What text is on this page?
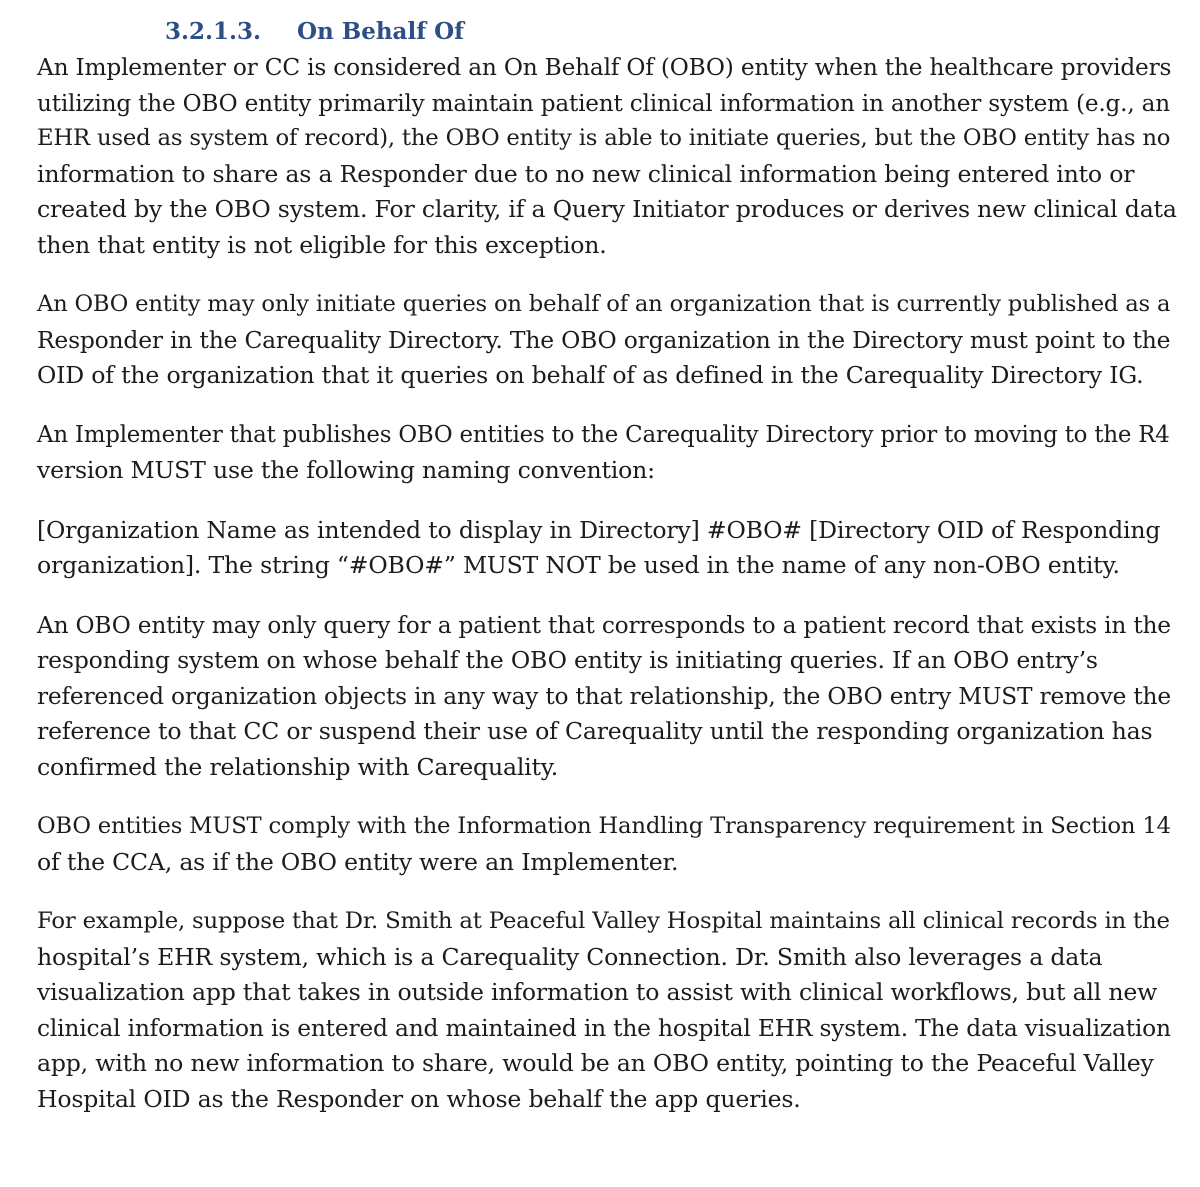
3.2.1.3. On Behalf Of

An Implementer or CC is considered an On Behalf Of (OBO) entity when the healthcare providers
utilizing the OBO entity primarily maintain patient clinical information in another system (e.g., an
EHR used as system of record), the OBO entity is able to initiate queries, but the OBO entity has no
information to share as a Responder due to no new clinical information being entered into or
created by the OBO system. For clarity, if a Query Initiator produces or derives new clinical data
then that entity is not eligible for this exception.

An OBO entity may only initiate queries on behalf of an organization that is currently published as a
Responder in the Carequality Directory. The OBO organization in the Directory must point to the
OID of the organization that it queries on behalf of as defined in the Carequality Directory IG.

An Implementer that publishes OBO entities to the Carequality Directory prior to moving to the R4
version MUST use the following naming convention:

[Organization Name as intended to display in Directory] #OBO# [Directory OID of Responding
organization]. The string “#OBO#” MUST NOT be used in the name of any non-OBO entity.

An OBO entity may only query for a patient that corresponds to a patient record that exists in the
responding system on whose behalf the OBO entity is initiating queries. If an OBO entry’s
referenced organization objects in any way to that relationship, the OBO entry MUST remove the
reference to that CC or suspend their use of Carequality until the responding organization has
confirmed the relationship with Carequality.

OBO entities MUST comply with the Information Handling Transparency requirement in Section 14
of the CCA, as if the OBO entity were an Implementer.

For example, suppose that Dr. Smith at Peaceful Valley Hospital maintains all clinical records in the
hospital’s EHR system, which is a Carequality Connection. Dr. Smith also leverages a data
visualization app that takes in outside information to assist with clinical workflows, but all new
clinical information is entered and maintained in the hospital EHR system. The data visualization
app, with no new information to share, would be an OBO entity, pointing to the Peaceful Valley
Hospital OID as the Responder on whose behalf the app queries.
